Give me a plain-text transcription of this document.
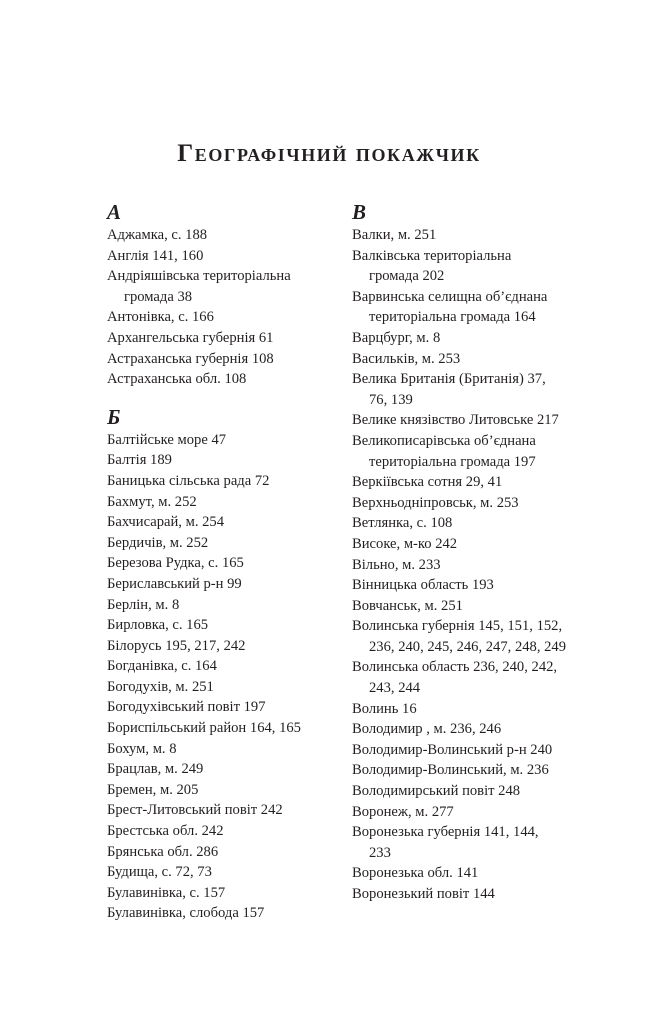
Географічний покажчик
А
Аджамка, с. 188
Англія 141, 160
Андріяшівська територіальна
громада 38
Антонівка, с. 166
Архангельська губернія 61
Астраханська губернія 108
Астраханська обл. 108
Б
Балтійське море 47
Балтія 189
Баницька сільська рада 72
Бахмут, м. 252
Бахчисарай, м. 254
Бердичів, м. 252
Березова Рудка, с. 165
Бериславський р-н 99
Берлін, м. 8
Бирловка, с. 165
Білорусь 195, 217, 242
Богданівка, с. 164
Богодухів, м. 251
Богодухівський повіт 197
Бориспільський район 164, 165
Бохум, м. 8
Брацлав, м. 249
Бремен, м. 205
Брест-Литовський повіт 242
Брестська обл. 242
Брянська обл. 286
Будища, с. 72, 73
Булавинівка, с. 157
Булавинівка, слобода 157
В
Валки, м. 251
Валківська територіальна
громада 202
Варвинська селищна об’єднана
територіальна громада 164
Варцбург, м. 8
Васильків, м. 253
Велика Британія (Британія) 37,
76, 139
Велике князівство Литовське 217
Великописарівська об’єднана
територіальна громада 197
Веркіївська сотня 29, 41
Верхньодніпровськ, м. 253
Ветлянка, с. 108
Високе, м-ко 242
Вільно, м. 233
Вінницька область 193
Вовчанськ, м. 251
Волинська губернія 145, 151, 152,
236, 240, 245, 246, 247, 248, 249
Волинська область 236, 240, 242,
243, 244
Волинь 16
Володимир , м. 236, 246
Володимир-Волинський р-н 240
Володимир-Волинський, м. 236
Володимирський повіт 248
Воронеж, м. 277
Воронезька губернія 141, 144,
233
Воронезька обл. 141
Воронезький повіт 144
